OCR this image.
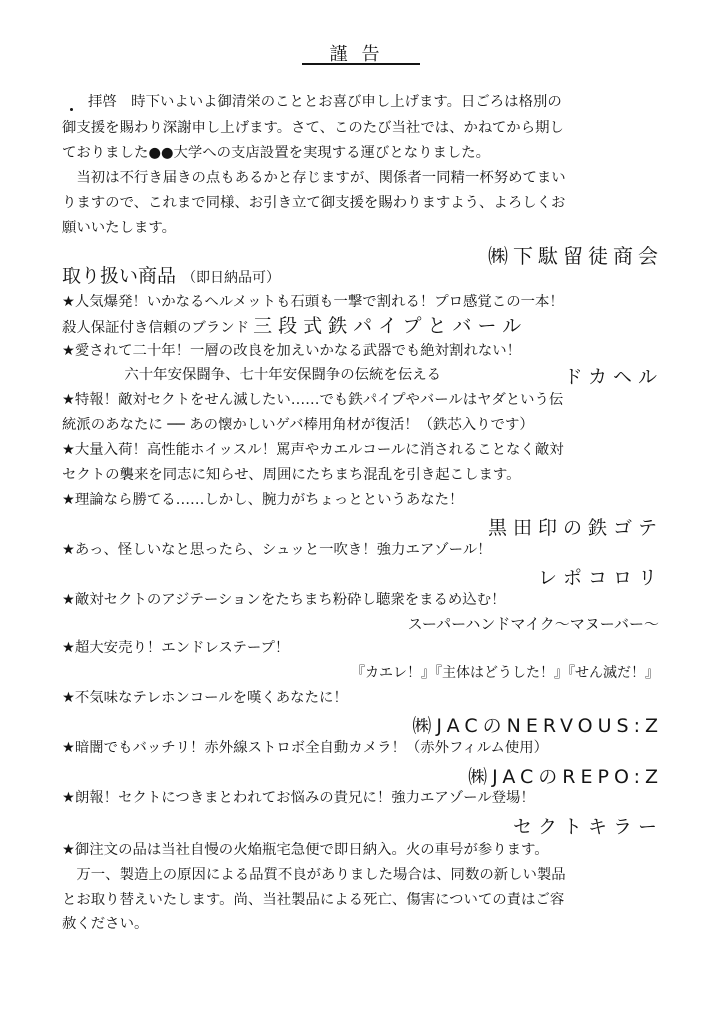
謹告
拝啓　時下いよいよ御清栄のこととお喜び申し上げます。日ごろは格別の
御支援を賜わり深謝申し上げます。さて、このたび当社では、かねてから期し
ておりました●●大学への支店設置を実現する運びとなりました。
　当初は不行き届きの点もあるかと存じますが、関係者一同精一杯努めてまい
りますので、これまで同様、お引き立て御支援を賜わりますよう、よろしくお
願いいたします。
㈱下駄留徒商会
取り扱い商品 （即日納品可）
★人気爆発！いかなるヘルメットも石頭も一撃で割れる！プロ感覚この一本！
殺人保証付き信頼のブランド 三段式鉄パイプとバール
★愛されて二十年！一層の改良を加えいかなる武器でも絶対割れない！
　六十年安保闘争、七十年安保闘争の伝統を伝える	ドカヘル
★特報！敵対セクトをせん滅したい……でも鉄パイプやバールはヤダという伝
統派のあなたに ── あの懐かしいゲバ棒用角材が復活！（鉄芯入りです）
★大量入荷！高性能ホイッスル！罵声やカエルコールに消されることなく敵対
セクトの襲来を同志に知らせ、周囲にたちまち混乱を引き起こします。
★理論なら勝てる……しかし、腕力がちょっとというあなた！
黒田印の鉄ゴテ
★あっ、怪しいなと思ったら、シュッと一吹き！強力エアゾール！
レポコロリ
★敵対セクトのアジテーションをたちまち粉砕し聴衆をまるめ込む！
スーパーハンドマイク～マヌーバー～
★超大安売り！エンドレステープ！
『カエレ！』『主体はどうした！』『せん滅だ！』
★不気味なテレホンコールを嘆くあなたに！
㈱JACのNERVOUS:Z
★暗闇でもバッチリ！赤外線ストロボ全自動カメラ！（赤外フィルム使用）
㈱JACのREPO:Z
★朗報！セクトにつきまとわれてお悩みの貴兄に！強力エアゾール登場！
セクトキラー
★御注文の品は当社自慢の火焔瓶宅急便で即日納入。火の車号が参ります。
　万一、製造上の原因による品質不良がありました場合は、同数の新しい製品
とお取り替えいたします。尚、当社製品による死亡、傷害についての責はご容
赦ください。
